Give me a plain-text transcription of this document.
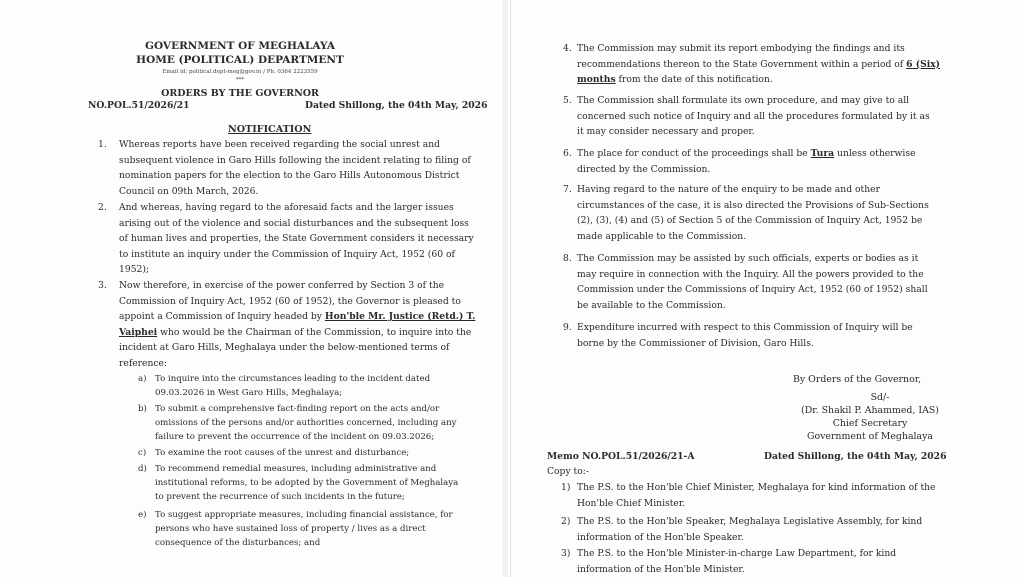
GOVERNMENT OF MEGHALAYA
HOME (POLITICAL) DEPARTMENT
Email id: political.dept-meg@gov.in / Ph. 0364 2223559
***
ORDERS BY THE GOVERNOR
NO.POL.51/2026/21	Dated Shillong, the 04th May, 2026
NOTIFICATION
1. Whereas reports have been received regarding the social unrest and
subsequent violence in Garo Hills following the incident relating to filing of
nomination papers for the election to the Garo Hills Autonomous District
Council on 09th March, 2026.
2. And whereas, having regard to the aforesaid facts and the larger issues
arising out of the violence and social disturbances and the subsequent loss
of human lives and properties, the State Government considers it necessary
to institute an inquiry under the Commission of Inquiry Act, 1952 (60 of
1952);
3. Now therefore, in exercise of the power conferred by Section 3 of the
Commission of Inquiry Act, 1952 (60 of 1952), the Governor is pleased to
appoint a Commission of Inquiry headed by Hon'ble Mr. Justice (Retd.) T.
Vaiphei who would be the Chairman of the Commission, to inquire into the
incident at Garo Hills, Meghalaya under the below-mentioned terms of
reference:
a) To inquire into the circumstances leading to the incident dated
09.03.2026 in West Garo Hills, Meghalaya;
b) To submit a comprehensive fact-finding report on the acts and/or
omissions of the persons and/or authorities concerned, including any
failure to prevent the occurrence of the incident on 09.03.2026;
c) To examine the root causes of the unrest and disturbance;
d) To recommend remedial measures, including administrative and
institutional reforms, to be adopted by the Government of Meghalaya
to prevent the recurrence of such incidents in the future;
e) To suggest appropriate measures, including financial assistance, for
persons who have sustained loss of property / lives as a direct
consequence of the disturbances; and
4. The Commission may submit its report embodying the findings and its
recommendations thereon to the State Government within a period of 6 (Six)
months from the date of this notification.
5. The Commission shall formulate its own procedure, and may give to all
concerned such notice of Inquiry and all the procedures formulated by it as
it may consider necessary and proper.
6. The place for conduct of the proceedings shall be Tura unless otherwise
directed by the Commission.
7. Having regard to the nature of the enquiry to be made and other
circumstances of the case, it is also directed the Provisions of Sub-Sections
(2), (3), (4) and (5) of Section 5 of the Commission of Inquiry Act, 1952 be
made applicable to the Commission.
8. The Commission may be assisted by such officials, experts or bodies as it
may require in connection with the Inquiry. All the powers provided to the
Commission under the Commissions of Inquiry Act, 1952 (60 of 1952) shall
be available to the Commission.
9. Expenditure incurred with respect to this Commission of Inquiry will be
borne by the Commissioner of Division, Garo Hills.
By Orders of the Governor,
Sd/-
(Dr. Shakil P. Ahammed, IAS)
Chief Secretary
Government of Meghalaya
Memo NO.POL.51/2026/21-A	Dated Shillong, the 04th May, 2026
Copy to:-
1) The P.S. to the Hon'ble Chief Minister, Meghalaya for kind information of the
Hon'ble Chief Minister.
2) The P.S. to the Hon'ble Speaker, Meghalaya Legislative Assembly, for kind
information of the Hon'ble Speaker.
3) The P.S. to the Hon'ble Minister-in-charge Law Department, for kind
information of the Hon'ble Minister.
